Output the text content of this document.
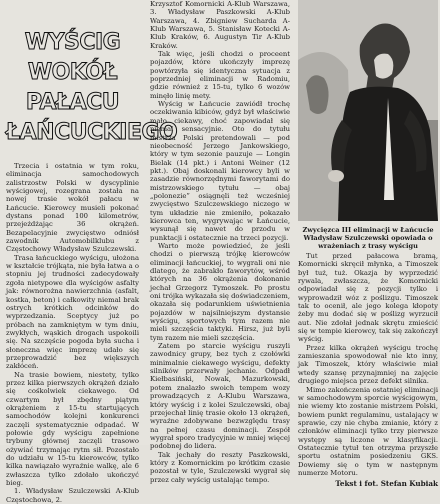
WYŚCIG
WOKÓŁ
PAŁACU
ŁAŃCUCKIEGO

Trzecia i ostatnia w tym roku, eliminacja samochodowych zalistrzostw Polski w dyscyplinie wyścigowej, rozegrana została na nowej trasie wokół pałacu w Łańcucie. Kierowcy musieli pokonać dystans ponad 100 kilometrów, przejeżdżając 36 okrążeń. Bezapelacyjnie zwycięstwo odniósł zawodnik Automobilklubu z Częstochowy Władysław Szulczewski.

Trasa łańcuckiego wyścigu, ułożona w kształcie trójkąta, nie była łatwa a o stopniu jej trudności zadecydowały zgoła nietypowe dla wyścigów asfalty jak: równorożna nawierzchnia (asfalt, kostka, beton) i całkowity niemal brak ostrych krótkich odcinków do wyprzedzania. Sceptycy już po próbach na zamkniętym w tym dniu, zwykłych, wąskich drogach uspokoili się. Na szczęście pogoda była sucha i słoneczna więc imprezę udało się przeprowadzić bez większych zakłóceń.

Na trasie bowiem, niestety, tylko przez kilka pierwszych okrążeń działo się cośkolwiek ciekawego. Od czwartym był zbędny piątym okrążeniem z 15-tu startujących samochodów kolejni konkurenci zaczęli systematycznie odpadać. W połowie gdy wyścigu zapełnione trybuny głównej zaczęli trasowo ożywiać trzymając rytm sił. Pozostało do udziału w 15-tu kierowców, tylko kilka nawiązało wyraźnie walkę, ale 6 zwłaszcza tylko zdołało ukończyć bieg.

1. Władysław Szulczewski A-Klub Częstochowa, 2.

Krzysztof Komornicki A-Klub Warszawa, 3. Władysław Paszkowski A-Klub Warszawa, 4. Zbigniew Sucharda A-Klub Warszawa, 5. Stanisław Kotecki A-Klub Kraków, 6. Augustyn Tir A-Klub Kraków.

Tak więc, jeśli chodzi o proceent pojazdów, które ukończyły imprezę powtórzyła się identyczna sytuacja z poprzedniej eliminacji w Radomiu, gdzie również z 15-tu, tylko 6 wozów minęło linię mety.

Wyścig w Łańcucie zawiódł trochę oczekiwania kibiców, gdyż był właściwie mało ciekawy, choć zapowiadał się niemal sensacyjnie. Oto do tytułu mistrza Polski pretendowali — pod nieobecność Jerzego Jankowskiego, który w tym sezonie pauzuje — Longin Bielak (14 pkt.) i Antoni Weiner (12 pkt.). Obaj doskonali kierowcy byli w zasadzie równorzędnymi faworytami do mistrzowskiego tytułu — obaj „polonezie” osiągnęli też wcześniej zwycięstwo Szulczewskiego niczego w tym układzie nie zmieniło, pokazało kierowca ten, wygrywając w Łańcucie, wysunął się nawet do przodu w punktacji i ostatecznie na trzeci pozycji.

Warto może powiedzieć, że jeśli chodzi o pierwszą trójkę kierowców eliminacji łańcuckiej, to wygrali oni nie dlatego, że zabrakło faworytów, wśród których na 36 okrążenia dokonanie jechał Grzegorz Tymoszek. Po prostu oni trójka wykazała się doświadczeniem, okazała się podarunkiem uświetnienia pojazdów w najsilniejszym dystansie wyścigu, sportowych tym razem nie mieli szczęścia taktyki. Hirsz, już byli tym razem nie mieli szczęścia.

Zatem po starcie wyścigu ruszyli zawodnicy grupy, bez tych z czołówki minimalnie ciekawego wyścigu, defekty silników przerwały jechanie. Odpadł Kiełbasiński, Nowak, Mazurkowski, potem znalazło swoich tempem wozy prowadzących z A-Klubu Warszawa, który wyścig i z kolei Szulczewski, obaj przejechał linię trasie około 13 okrążeń, wyraźne zdobywane bezwzględu trasy na pełnej czasu dominacji. Zespół wygrał sporo tradycyjnie w mniej więcej podobnej do lidera.

Tak jechały do reszty Paszkowski, który z Komornickim po krótkim czasie pozostał w tyle, Szulczewski wygrał się przez cały wyścig ustalając tempo.

Zwycięzca III eliminacji w Łańcucie Władysław Szulczewski opowiada o wrażeniach z trasy wyścigu

Tut przed pałacowa bramą, Komornicki skręcił młynka, a Timoszek był tuż, tuż. Okazja by wyprzedzić rywala, zwłaszcza, że Komornicki odpowiadał się z pozycji tylko i wyprowadził wóz z poślizgu. Timoszek tak to ocenił, ale jego kolega kłopoty żeby mu dodać się w poślizg wyrzucił aut. Nie zdołał jednak skrętu zmieścić się w tempie kierowcy, tak się zakończył wyścig.

Przez kilka okrążeń wyścigu trochę zamieszania spowodował nie kto inny, jak Timoszek, który właściwie miał wtedy szansę przynajmniej na zajęcie drugiego miejsca przez defekt silnika.

Mimo zakończenia ostatniej eliminacji w samochodowym sporcie wyścigowym, nie wiemy kto zostanie mistrzem Polski, bowiem punkt regulaminu, ustalający w sprawie, czy nie chyba zmianie, który z członków eliminacji tylko trzy pierwsze występy są liczone w klasyfikacji. Ostatecznie tytuł ten otrzyma przyszłe sportu ostatnim posiedzeniu GKS. Dowiemy się o tym w następnym numerze Motoru.

Tekst i fot. Stefan Kubiak
